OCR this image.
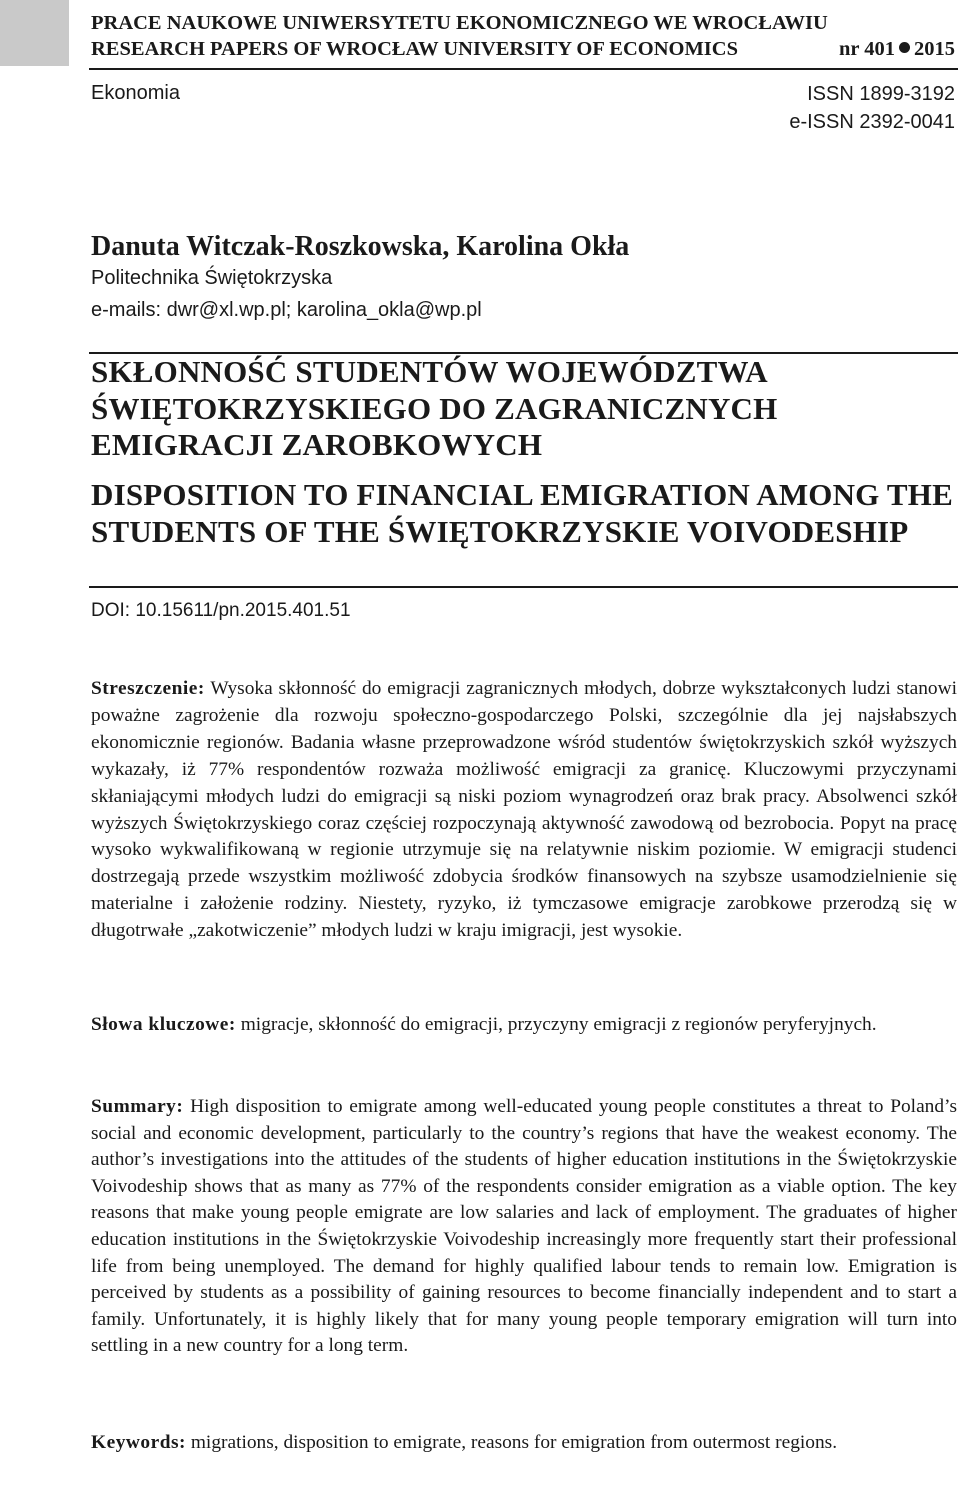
PRACE NAUKOWE UNIWERSYTETU EKONOMICZNEGO WE WROCŁAWIU
RESEARCH PAPERS OF WROCŁAW UNIVERSITY OF ECONOMICS	nr 401 2015
Ekonomia	ISSN 1899-3192
e-ISSN 2392-0041
Danuta Witczak-Roszkowska, Karolina Okła
Politechnika Świętokrzyska
e-mails: dwr@xl.wp.pl; karolina_okla@wp.pl
SKŁONNOŚĆ STUDENTÓW WOJEWÓDZTWA ŚWIĘTOKRZYSKIEGO DO ZAGRANICZNYCH EMIGRACJI ZAROBKOWYCH
DISPOSITION TO FINANCIAL EMIGRATION AMONG THE STUDENTS OF THE ŚWIĘTOKRZYSKIE VOIVODESHIP
DOI: 10.15611/pn.2015.401.51
Streszczenie: Wysoka skłonność do emigracji zagranicznych młodych, dobrze wykształconych ludzi stanowi poważne zagrożenie dla rozwoju społeczno-gospodarczego Polski, szczególnie dla jej najsłabszych ekonomicznie regionów. Badania własne przeprowadzone wśród studentów świętokrzyskich szkół wyższych wykazały, iż 77% respondentów rozważa możliwość emigracji za granicę. Kluczowymi przyczynami skłaniającymi młodych ludzi do emigracji są niski poziom wynagrodzeń oraz brak pracy. Absolwenci szkół wyższych Świętokrzyskiego coraz częściej rozpoczynają aktywność zawodową od bezrobocia. Popyt na pracę wysoko wykwalifikowaną w regionie utrzymuje się na relatywnie niskim poziomie. W emigracji studenci dostrzegają przede wszystkim możliwość zdobycia środków finansowych na szybsze usamodzielnienie się materialne i założenie rodziny. Niestety, ryzyko, iż tymczasowe emigracje zarobkowe przerodzą się w długotrwałe „zakotwiczenie” młodych ludzi w kraju imigracji, jest wysokie.
Słowa kluczowe: migracje, skłonność do emigracji, przyczyny emigracji z regionów peryferyjnych.
Summary: High disposition to emigrate among well-educated young people constitutes a threat to Poland’s social and economic development, particularly to the country’s regions that have the weakest economy. The author’s investigations into the attitudes of the students of higher education institutions in the Świętokrzyskie Voivodeship shows that as many as 77% of the respondents consider emigration as a viable option. The key reasons that make young people emigrate are low salaries and lack of employment. The graduates of higher education institutions in the Świętokrzyskie Voivodeship increasingly more frequently start their professional life from being unemployed. The demand for highly qualified labour tends to remain low. Emigration is perceived by students as a possibility of gaining resources to become financially independent and to start a family. Unfortunately, it is highly likely that for many young people temporary emigration will turn into settling in a new country for a long term.
Keywords: migrations, disposition to emigrate, reasons for emigration from outermost regions.
